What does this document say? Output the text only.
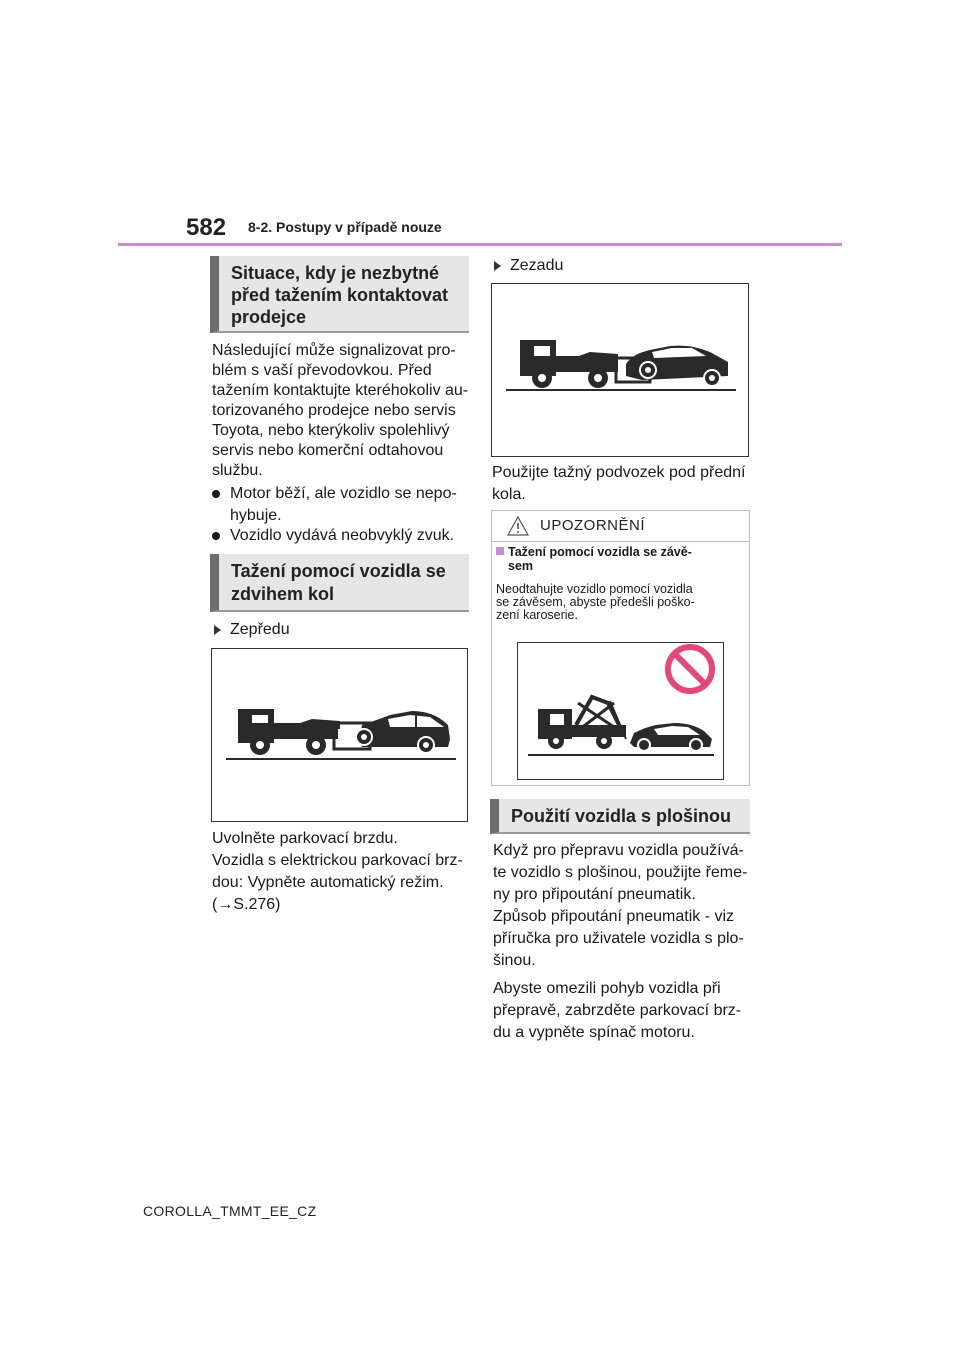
582 8-2. Postupy v případě nouze
Situace, kdy je nezbytné
před tažením kontaktovat
prodejce
Následující může signalizovat pro-
blém s vaší převodovkou. Před
tažením kontaktujte kteréhokoliv au-
torizovaného prodejce nebo servis
Toyota, nebo kterýkoliv spolehlivý
servis nebo komerční odtahovou
službu.
Motor běží, ale vozidlo se nepo-
hybuje.
Vozidlo vydává neobvyklý zvuk.
Tažení pomocí vozidla se
zdvihem kol
Zepředu
Uvolněte parkovací brzdu.
Vozidla s elektrickou parkovací brz-
dou: Vypněte automatický režim.
(→S.276)
Zezadu
Použijte tažný podvozek pod přední
kola.
UPOZORNĚNÍ
Tažení pomocí vozidla se závě-
sem
Neodtahujte vozidlo pomocí vozidla
se závěsem, abyste předešli poško-
zení karoserie.
Použití vozidla s plošinou
Když pro přepravu vozidla používá-
te vozidlo s plošinou, použijte řeme-
ny pro připoutání pneumatik.
Způsob připoutání pneumatik - viz
příručka pro uživatele vozidla s plo-
šinou.
Abyste omezili pohyb vozidla při
přepravě, zabrzděte parkovací brz-
du a vypněte spínač motoru.
COROLLA_TMMT_EE_CZ
